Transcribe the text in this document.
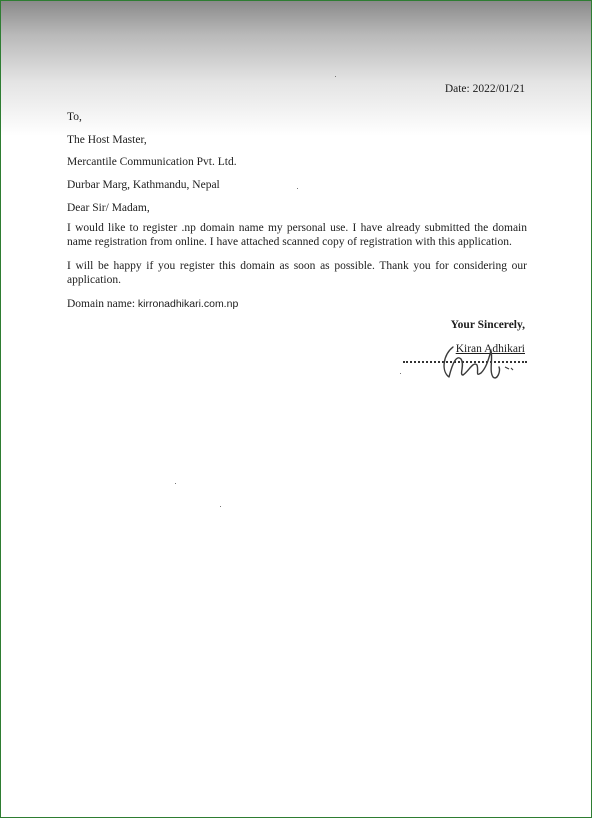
Date: 2022/01/21
To,
The Host Master,
Mercantile Communication Pvt. Ltd.
Durbar Marg, Kathmandu, Nepal
Dear Sir/ Madam,
I would like to register .np domain name my personal use. I have already submitted the domain name registration from online. I have attached scanned copy of registration with this application.
I will be happy if you register this domain as soon as possible. Thank you for considering our application.
Domain name: kirronadhikari.com.np
Your Sincerely,
Kiran Adhikari
